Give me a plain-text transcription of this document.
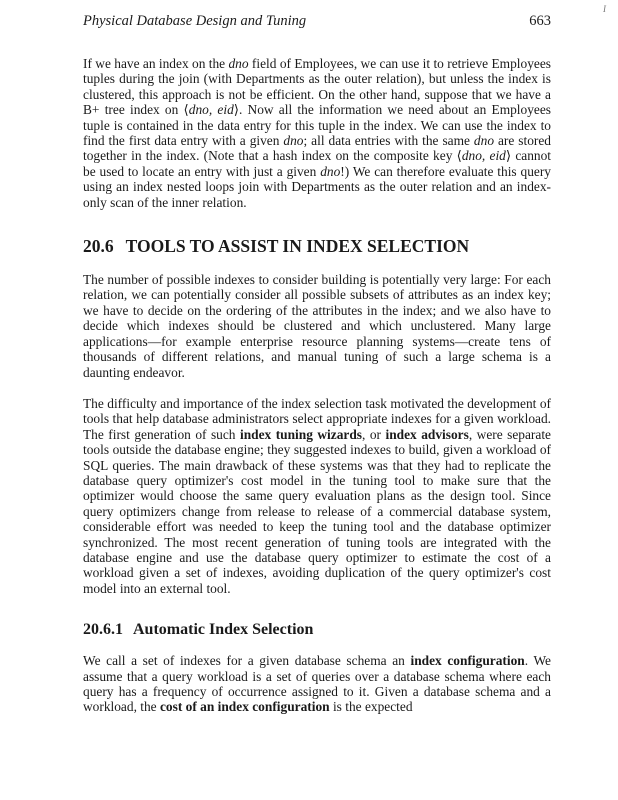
I
Physical Database Design and Tuning	663

If we have an index on the dno field of Employees, we can use it to retrieve Employees tuples during the join (with Departments as the outer relation), but unless the index is clustered, this approach is not be efficient. On the other hand, suppose that we have a B+ tree index on ⟨dno, eid⟩. Now all the information we need about an Employees tuple is contained in the data entry for this tuple in the index. We can use the index to find the first data entry with a given dno; all data entries with the same dno are stored together in the index. (Note that a hash index on the composite key ⟨dno, eid⟩ cannot be used to locate an entry with just a given dno!) We can therefore evaluate this query using an index nested loops join with Departments as the outer relation and an index-only scan of the inner relation.

20.6 TOOLS TO ASSIST IN INDEX SELECTION

The number of possible indexes to consider building is potentially very large: For each relation, we can potentially consider all possible subsets of attributes as an index key; we have to decide on the ordering of the attributes in the index; and we also have to decide which indexes should be clustered and which unclustered. Many large applications—for example enterprise resource planning systems—create tens of thousands of different relations, and manual tuning of such a large schema is a daunting endeavor.

The difficulty and importance of the index selection task motivated the development of tools that help database administrators select appropriate indexes for a given workload. The first generation of such index tuning wizards, or index advisors, were separate tools outside the database engine; they suggested indexes to build, given a workload of SQL queries. The main drawback of these systems was that they had to replicate the database query optimizer's cost model in the tuning tool to make sure that the optimizer would choose the same query evaluation plans as the design tool. Since query optimizers change from release to release of a commercial database system, considerable effort was needed to keep the tuning tool and the database optimizer synchronized. The most recent generation of tuning tools are integrated with the database engine and use the database query optimizer to estimate the cost of a workload given a set of indexes, avoiding duplication of the query optimizer's cost model into an external tool.

20.6.1 Automatic Index Selection

We call a set of indexes for a given database schema an index configuration. We assume that a query workload is a set of queries over a database schema where each query has a frequency of occurrence assigned to it. Given a database schema and a workload, the cost of an index configuration is the expected
